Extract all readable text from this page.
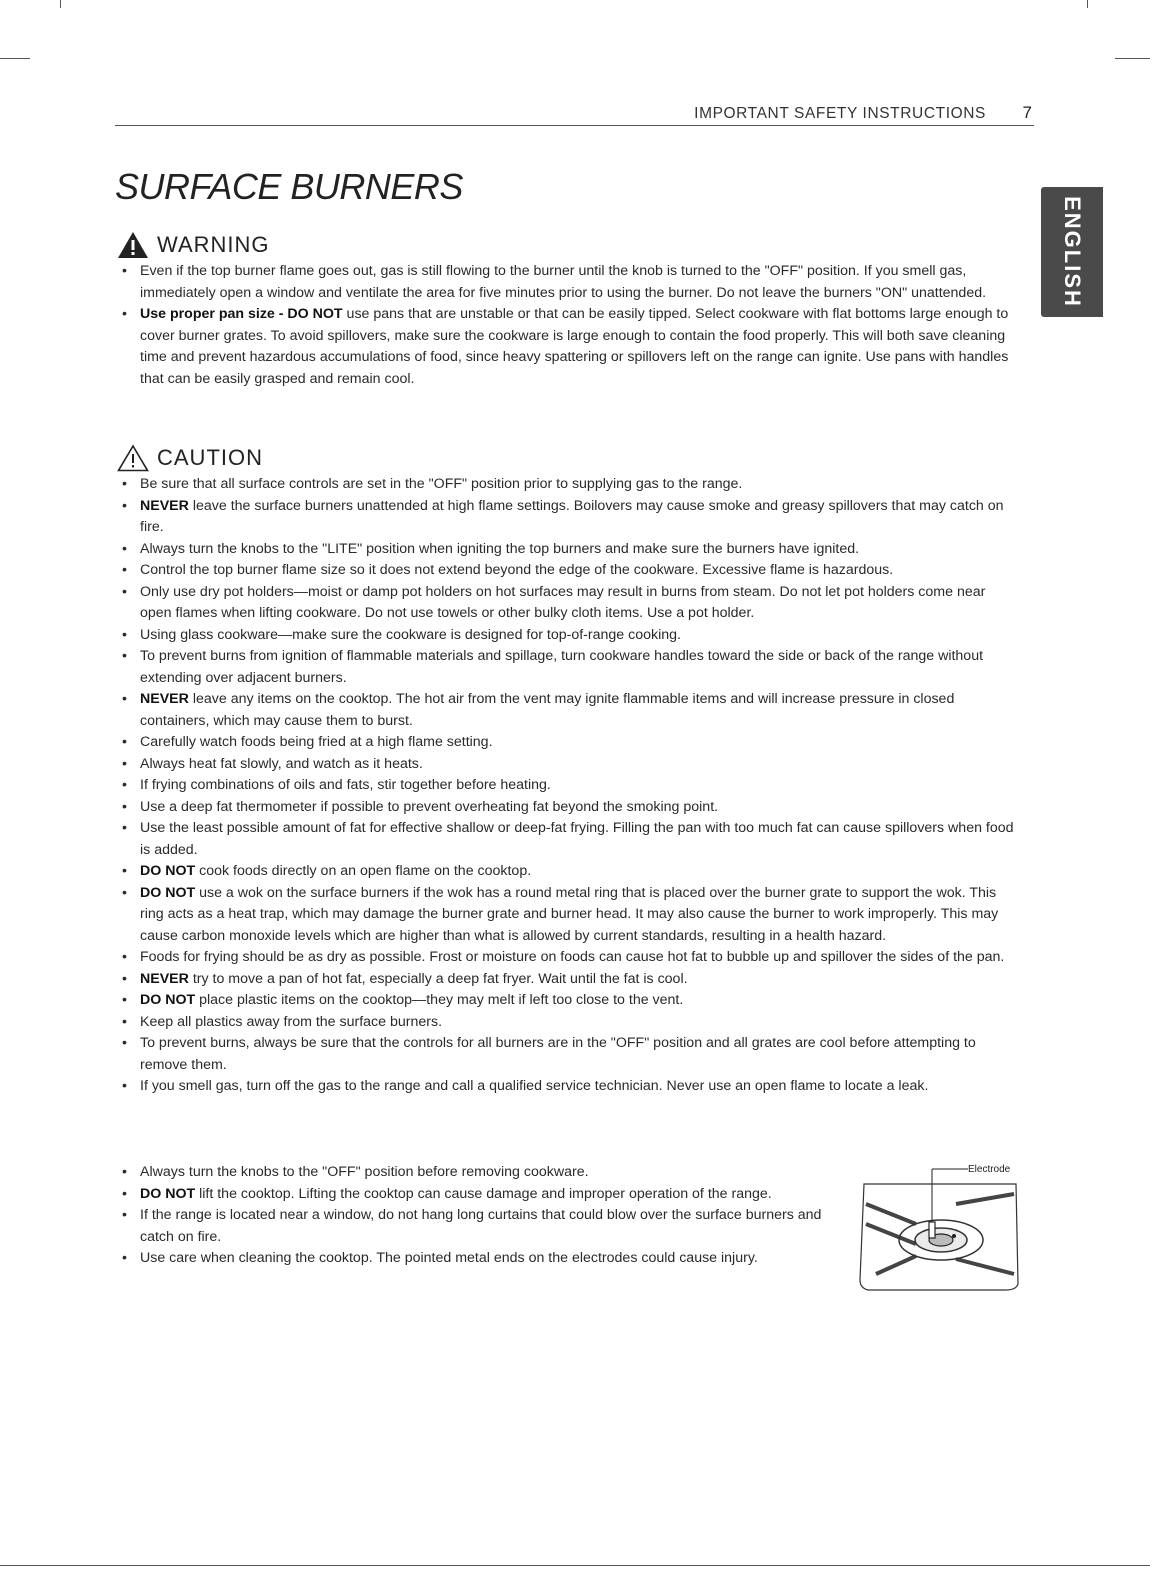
IMPORTANT SAFETY INSTRUCTIONS 7
ENGLISH
SURFACE BURNERS
WARNING
• Even if the top burner flame goes out, gas is still flowing to the burner until the knob is turned to the "OFF" position. If you smell gas, immediately open a window and ventilate the area for five minutes prior to using the burner. Do not leave the burners "ON" unattended.
• Use proper pan size - DO NOT use pans that are unstable or that can be easily tipped. Select cookware with flat bottoms large enough to cover burner grates. To avoid spillovers, make sure the cookware is large enough to contain the food properly. This will both save cleaning time and prevent hazardous accumulations of food, since heavy spattering or spillovers left on the range can ignite. Use pans with handles that can be easily grasped and remain cool.
CAUTION
• Be sure that all surface controls are set in the "OFF" position prior to supplying gas to the range.
• NEVER leave the surface burners unattended at high flame settings. Boilovers may cause smoke and greasy spillovers that may catch on fire.
• Always turn the knobs to the "LITE" position when igniting the top burners and make sure the burners have ignited.
• Control the top burner flame size so it does not extend beyond the edge of the cookware. Excessive flame is hazardous.
• Only use dry pot holders—moist or damp pot holders on hot surfaces may result in burns from steam. Do not let pot holders come near open flames when lifting cookware. Do not use towels or other bulky cloth items. Use a pot holder.
• Using glass cookware—make sure the cookware is designed for top-of-range cooking.
• To prevent burns from ignition of flammable materials and spillage, turn cookware handles toward the side or back of the range without extending over adjacent burners.
• NEVER leave any items on the cooktop. The hot air from the vent may ignite flammable items and will increase pressure in closed containers, which may cause them to burst.
• Carefully watch foods being fried at a high flame setting.
• Always heat fat slowly, and watch as it heats.
• If frying combinations of oils and fats, stir together before heating.
• Use a deep fat thermometer if possible to prevent overheating fat beyond the smoking point.
• Use the least possible amount of fat for effective shallow or deep-fat frying. Filling the pan with too much fat can cause spillovers when food is added.
• DO NOT cook foods directly on an open flame on the cooktop.
• DO NOT use a wok on the surface burners if the wok has a round metal ring that is placed over the burner grate to support the wok. This ring acts as a heat trap, which may damage the burner grate and burner head. It may also cause the burner to work improperly. This may cause carbon monoxide levels which are higher than what is allowed by current standards, resulting in a health hazard.
• Foods for frying should be as dry as possible. Frost or moisture on foods can cause hot fat to bubble up and spillover the sides of the pan.
• NEVER try to move a pan of hot fat, especially a deep fat fryer. Wait until the fat is cool.
• DO NOT place plastic items on the cooktop—they may melt if left too close to the vent.
• Keep all plastics away from the surface burners.
• To prevent burns, always be sure that the controls for all burners are in the "OFF" position and all grates are cool before attempting to remove them.
• If you smell gas, turn off the gas to the range and call a qualified service technician. Never use an open flame to locate a leak.
• Always turn the knobs to the "OFF" position before removing cookware.
• DO NOT lift the cooktop. Lifting the cooktop can cause damage and improper operation of the range.
• If the range is located near a window, do not hang long curtains that could blow over the surface burners and catch on fire.
• Use care when cleaning the cooktop. The pointed metal ends on the electrodes could cause injury.
Electrode
